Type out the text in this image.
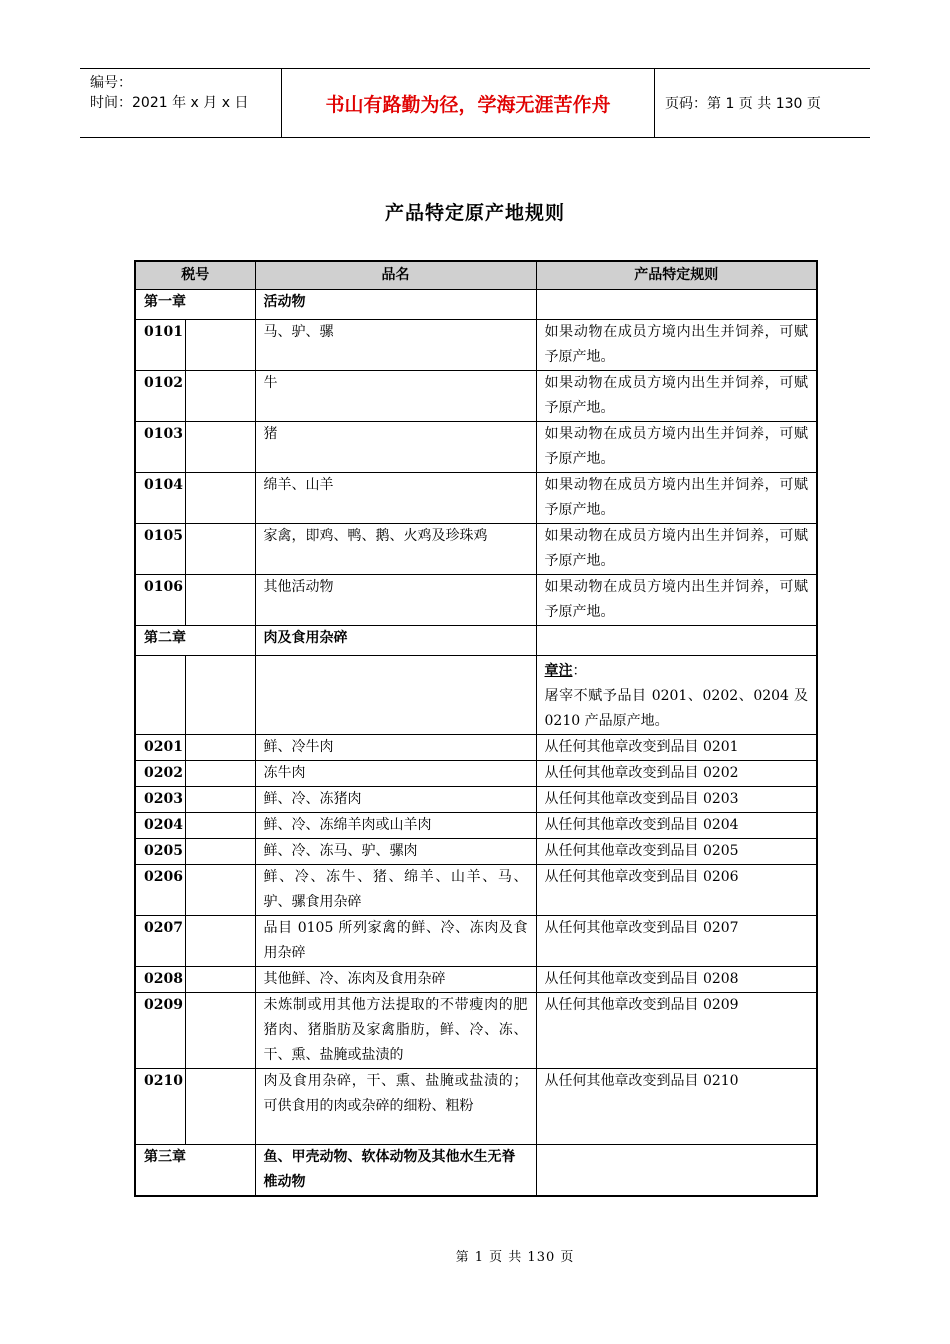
编号：
时间：2021 年 x 月 x 日	书山有路勤为径，学海无涯苦作舟	页码：第 1 页 共 130 页
产品特定原产地规则
税号		品名	产品特定规则
第一章		活动物	
0101		马、驴、骡	如果动物在成员方境内出生并饲养，可赋予原产地。
0102		牛	如果动物在成员方境内出生并饲养，可赋予原产地。
0103		猪	如果动物在成员方境内出生并饲养，可赋予原产地。
0104		绵羊、山羊	如果动物在成员方境内出生并饲养，可赋予原产地。
0105		家禽，即鸡、鸭、鹅、火鸡及珍珠鸡	如果动物在成员方境内出生并饲养，可赋予原产地。
0106		其他活动物	如果动物在成员方境内出生并饲养，可赋予原产地。
第二章		肉及食用杂碎	
			章注：
屠宰不赋予品目 0201、0202、0204 及 0210 产品原产地。
0201		鲜、冷牛肉	从任何其他章改变到品目 0201
0202		冻牛肉	从任何其他章改变到品目 0202
0203		鲜、冷、冻猪肉	从任何其他章改变到品目 0203
0204		鲜、冷、冻绵羊肉或山羊肉	从任何其他章改变到品目 0204
0205		鲜、冷、冻马、驴、骡肉	从任何其他章改变到品目 0205
0206		鲜、冷、冻牛、猪、绵羊、山羊、马、驴、骡食用杂碎	从任何其他章改变到品目 0206
0207		品目 0105 所列家禽的鲜、冷、冻肉及食用杂碎	从任何其他章改变到品目 0207
0208		其他鲜、冷、冻肉及食用杂碎	从任何其他章改变到品目 0208
0209		未炼制或用其他方法提取的不带瘦肉的肥猪肉、猪脂肪及家禽脂肪，鲜、冷、冻、干、熏、盐腌或盐渍的	从任何其他章改变到品目 0209
0210		肉及食用杂碎，干、熏、盐腌或盐渍的；可供食用的肉或杂碎的细粉、粗粉	从任何其他章改变到品目 0210
第三章		鱼、甲壳动物、软体动物及其他水生无脊椎动物	
第 1 页 共 130 页
